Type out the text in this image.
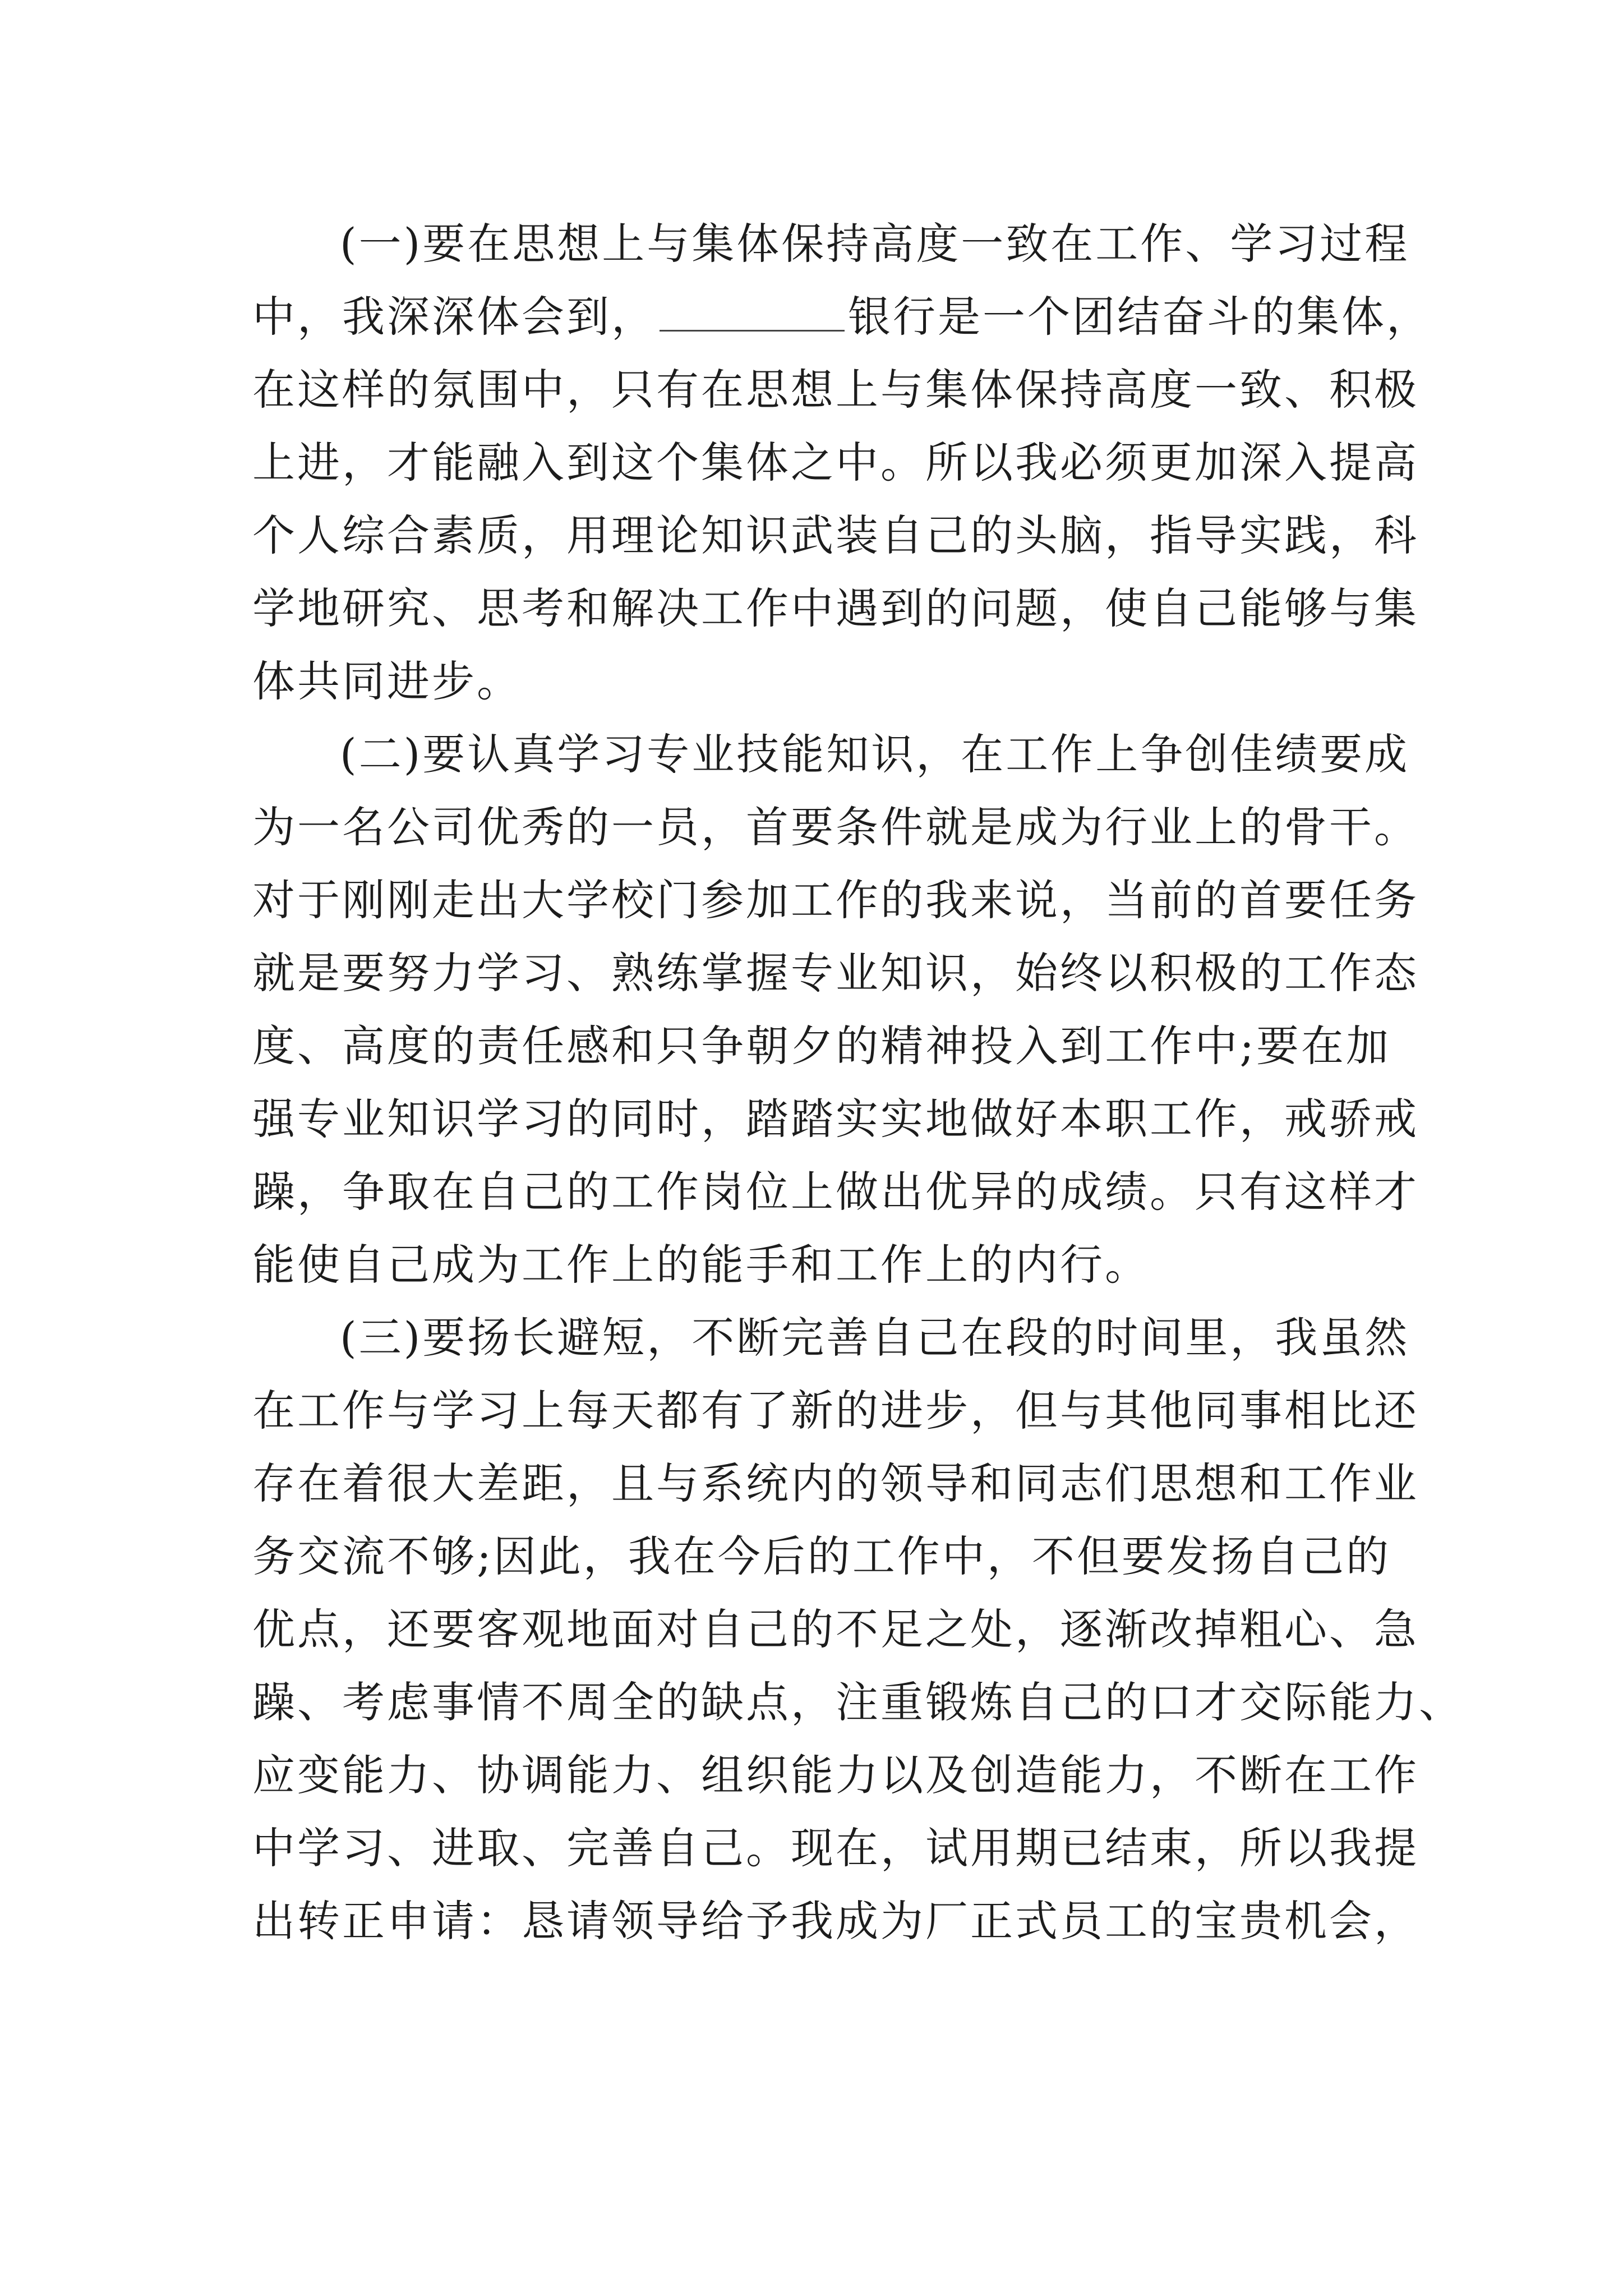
(一)要在思想上与集体保持高度一致在工作、学习过程

中，我深深体会到，	银行是一个团结奋斗的集体，

在这样的氛围中，只有在思想上与集体保持高度一致、积极

上进，才能融入到这个集体之中。所以我必须更加深入提高

个人综合素质，用理论知识武装自己的头脑，指导实践，科

学地研究、思考和解决工作中遇到的问题，使自己能够与集

体共同进步。

(二)要认真学习专业技能知识，在工作上争创佳绩要成

为一名公司优秀的一员，首要条件就是成为行业上的骨干。

对于刚刚走出大学校门参加工作的我来说，当前的首要任务

就是要努力学习、熟练掌握专业知识，始终以积极的工作态

度、高度的责任感和只争朝夕的精神投入到工作中;要在加

强专业知识学习的同时，踏踏实实地做好本职工作，戒骄戒

躁，争取在自己的工作岗位上做出优异的成绩。只有这样才

能使自己成为工作上的能手和工作上的内行。

(三)要扬长避短，不断完善自己在段的时间里，我虽然

在工作与学习上每天都有了新的进步，但与其他同事相比还

存在着很大差距，且与系统内的领导和同志们思想和工作业

务交流不够;因此，我在今后的工作中，不但要发扬自己的

优点，还要客观地面对自己的不足之处，逐渐改掉粗心、急

躁、考虑事情不周全的缺点，注重锻炼自己的口才交际能力、

应变能力、协调能力、组织能力以及创造能力，不断在工作

中学习、进取、完善自己。现在，试用期已结束，所以我提

出转正申请：恳请领导给予我成为厂正式员工的宝贵机会，
